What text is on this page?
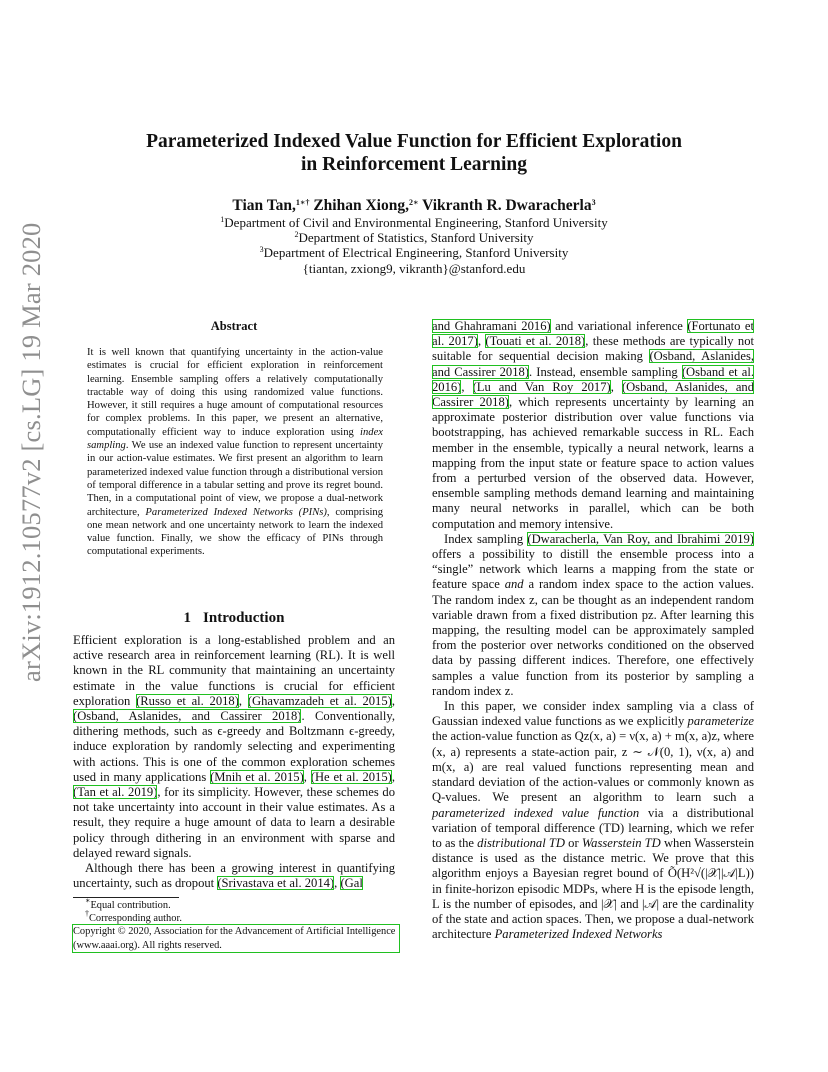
arXiv:1912.10577v2 [cs.LG] 19 Mar 2020
Parameterized Indexed Value Function for Efficient Exploration
in Reinforcement Learning
Tian Tan,$^{1∗\dagger}$ Zhihan Xiong,$^{2∗}$ Vikranth R. Dwaracherla$^3$
$^1$Department of Civil and Environmental Engineering, Stanford University
$^2$Department of Statistics, Stanford University
$^3$Department of Electrical Engineering, Stanford University
{tiantan, zxiong9, vikranth}@stanford.edu
Abstract
It is well known that quantifying uncertainty in the action-value estimates is crucial for efficient exploration in reinforcement learning. Ensemble sampling offers a relatively computationally tractable way of doing this using randomized value functions. However, it still requires a huge amount of computational resources for complex problems. In this paper, we present an alternative, computationally efficient way to induce exploration using index sampling. We use an indexed value function to represent uncertainty in our action-value estimates. We first present an algorithm to learn parameterized indexed value function through a distributional version of temporal difference in a tabular setting and prove its regret bound. Then, in a computational point of view, we propose a dual-network architecture, Parameterized Indexed Networks (PINs), comprising one mean network and one uncertainty network to learn the indexed value function. Finally, we show the efficacy of PINs through computational experiments.
1 Introduction

Efficient exploration is a long-established problem and an active research area in reinforcement learning (RL). It is well known in the RL community that maintaining an uncertainty estimate in the value functions is crucial for efficient exploration (Russo et al. 2018), (Ghavamzadeh et al. 2015), (Osband, Aslanides, and Cassirer 2018). Conventionally, dithering methods, such as ϵ-greedy and Boltzmann ϵ-greedy, induce exploration by randomly selecting and experimenting with actions. This is one of the common exploration schemes used in many applications (Mnih et al. 2015), (He et al. 2015), (Tan et al. 2019), for its simplicity. However, these schemes do not take uncertainty into account in their value estimates. As a result, they require a huge amount of data to learn a desirable policy through dithering in an environment with sparse and delayed reward signals.

Although there has been a growing interest in quantifying uncertainty, such as dropout (Srivastava et al. 2014), (Gal

∗Equal contribution.
†Corresponding author.
Copyright © 2020, Association for the Advancement of Artificial Intelligence (www.aaai.org). All rights reserved.

and Ghahramani 2016) and variational inference (Fortunato et al. 2017), (Touati et al. 2018), these methods are typically not suitable for sequential decision making (Osband, Aslanides, and Cassirer 2018). Instead, ensemble sampling (Osband et al. 2016), (Lu and Van Roy 2017), (Osband, Aslanides, and Cassirer 2018), which represents uncertainty by learning an approximate posterior distribution over value functions via bootstrapping, has achieved remarkable success in RL. Each member in the ensemble, typically a neural network, learns a mapping from the input state or feature space to action values from a perturbed version of the observed data. However, ensemble sampling methods demand learning and maintaining many neural networks in parallel, which can be both computation and memory intensive.

Index sampling (Dwaracherla, Van Roy, and Ibrahimi 2019) offers a possibility to distill the ensemble process into a “single” network which learns a mapping from the state or feature space and a random index space to the action values. The random index z, can be thought as an independent random variable drawn from a fixed distribution pz. After learning this mapping, the resulting model can be approximately sampled from the posterior over networks conditioned on the observed data by passing different indices. Therefore, one effectively samples a value function from its posterior by sampling a random index z.

In this paper, we consider index sampling via a class of Gaussian indexed value functions as we explicitly parameterize the action-value function as Qz(x, a) = ν(x, a) + m(x, a)z, where (x, a) represents a state-action pair, z ∼ 𝒩(0, 1), ν(x, a) and m(x, a) are real valued functions representing mean and standard deviation of the action-values or commonly known as Q-values. We present an algorithm to learn such a parameterized indexed value function via a distributional variation of temporal difference (TD) learning, which we refer to as the distributional TD or Wasserstein TD when Wasserstein distance is used as the distance metric. We prove that this algorithm enjoys a Bayesian regret bound of Õ(H²√(|𝒳||𝒜|L)) in finite-horizon episodic MDPs, where H is the episode length, L is the number of episodes, and |𝒳| and |𝒜| are the cardinality of the state and action spaces. Then, we propose a dual-network architecture Parameterized Indexed Networks
